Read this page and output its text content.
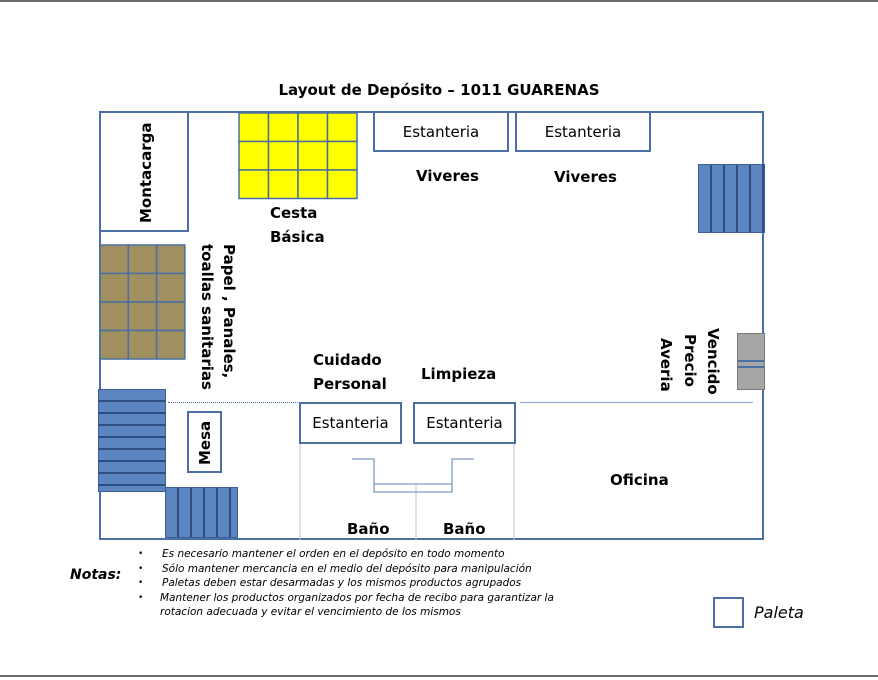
Layout de Depósito – 1011 GUARENAS
Montacarga	Cesta
Básica
Estanteria	Estanteria
Viveres	Viveres
toallas sanitarias Papel , Panales,	Cuidado
Personal
Limpieza	Vencido
Precio
Averia
Mesa	Estanteria	Estanteria
Baño	Baño
Oficina
Notas:
•	Es necesario mantener el orden en el depósito en todo momento
•	Sólo mantener mercancia en el medio del depósito para manipulación
•	Paletas deben estar desarmadas y los mismos productos agrupados
•	Mantener los productos organizados por fecha de recibo para garantizar la rotacion adecuada y evitar el vencimiento de los mismos	Paleta
